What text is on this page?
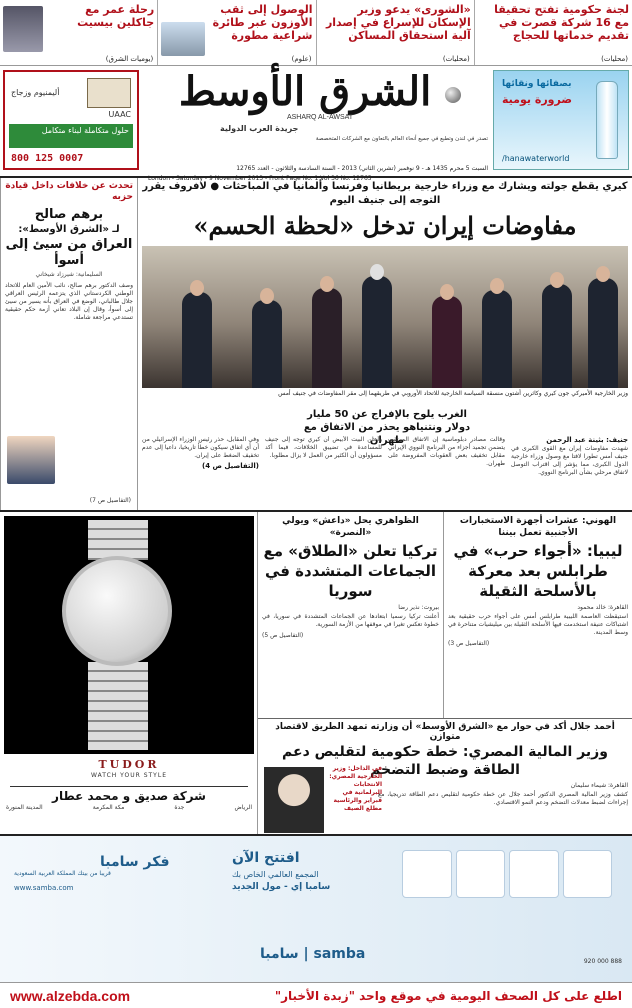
لجنة حكومية تفتح تحقيقا مع 16 شركة قصرت في تقديم خدماتها للحجاج
(محليات)
«الشورى» يدعو وزير الإسكان للإسراع في إصدار آلية استحقاق المساكن
(محليات)
الوصول إلى ثقب الأوزون عبر طائرة شراعية مطورة
(علوم)
رحلة عمر مع جاكلين بيسيت
(يوميات الشرق)
بصفائها ونقائها
ضرورة يومية
/hanawaterworld
الشرق الأوسط
ASHARQ AL-AWSAT
جريدة العرب الدولية
تصدر في لندن وتطبع في جميع أنحاء العالم بالتعاون مع الشركات المتخصصة
السبت 5 محرم 1435 هـ - 9 نوفمبر (تشرين الثاني) 2013 - السنة السادسة والثلاثون - العدد 12765
London - Saturday - 9 November 2013 - Front Page No. 1 Vol 36 No. 12765
UAAC
أليمنيوم وزجاج
حلول متكاملة لبناء متكامل
800 125 0007
كيري يقطع جولته ويشارك مع وزراء خارجية بريطانيا وفرنسا وألمانيا في المباحثات ● لافروف يقرر التوجه إلى جنيف اليوم
مفاوضات إيران تدخل «لحظة الحسم»
وزير الخارجية الأميركي جون كيري وكاثرين أشتون منسقة السياسة الخارجية للاتحاد الأوروبي في طريقهما إلى مقر المفاوضات في جنيف أمس
الغرب يلوح بالإفراج عن 50 مليار دولار ونتنياهو يحذر من الاتفاق مع طهران	جنيف: بثينة عبد الرحمن
شهدت مفاوضات إيران مع القوى الكبرى في جنيف أمس تطورا لافتا مع وصول وزراء خارجية الدول الكبرى، مما يؤشر إلى اقتراب التوصل لاتفاق مرحلي بشأن البرنامج النووي.
وقالت مصادر دبلوماسية إن الاتفاق المرتقب يتضمن تجميد أجزاء من البرنامج النووي الإيراني مقابل تخفيف بعض العقوبات المفروضة على طهران.
وأعلن البيت الأبيض أن كيري توجه إلى جنيف للمساعدة في تضييق الخلافات، فيما أكد مسؤولون أن الكثير من العمل لا يزال مطلوبا.
وفي المقابل، حذر رئيس الوزراء الإسرائيلي من أن أي اتفاق سيكون خطأ تاريخيا، داعيا إلى عدم تخفيف الضغط على إيران.
(التفاصيل ص 4)
تحدث عن خلافات داخل قيادة حزبه
برهم صالح
لـ «الشرق الأوسط»:
العراق من سيئ إلى أسوأ
السليمانية: شيرزاد شيخاني
وصف الدكتور برهم صالح، نائب الأمين العام للاتحاد الوطني الكردستاني الذي يتزعمه الرئيس العراقي جلال طالباني، الوضع في العراق بأنه يسير من سيئ إلى أسوأ، وقال إن البلاد تعاني أزمة حكم حقيقية تستدعي مراجعة شاملة.
(التفاصيل ص 7)
الهوني: عشرات أجهزة الاستخبارات الأجنبية تعمل بيننا
ليبيا: «أجواء حرب» في طرابلس بعد معركة بالأسلحة الثقيلة
القاهرة: خالد محمود
استيقظت العاصمة الليبية طرابلس أمس على أجواء حرب حقيقية بعد اشتباكات عنيفة استخدمت فيها الأسلحة الثقيلة بين ميليشيات متناحرة في وسط المدينة.
(التفاصيل ص 3)
الظواهري يحل «داعش» ويولي «النصرة»
تركيا تعلن «الطلاق» مع الجماعات المتشددة في سوريا
بيروت: نذير رضا
أعلنت تركيا رسميا ابتعادها عن الجماعات المتشددة في سوريا، في خطوة تعكس تغيرا في موقفها من الأزمة السورية.
(التفاصيل ص 5)
أحمد جلال أكد في حوار مع «الشرق الأوسط» أن وزارته تمهد الطريق لاقتصاد متوازن
وزير المالية المصري: خطة حكومية لتقليص دعم الطاقة وضبط التضخم
القاهرة: شيماء سليمان
كشف وزير المالية المصري الدكتور أحمد جلال عن خطة حكومية لتقليص دعم الطاقة تدريجيا، مع إجراءات لضبط معدلات التضخم ودعم النمو الاقتصادي.
في الداخل: وزير الخارجية المصري: الانتخابات البرلمانية في فبراير والرئاسية مطلع الصيف
TUDOR
WATCH YOUR STYLE
شركة صديق و محمد عطار
الرياض
جدة
مكة المكرمة
المدينة المنورة
افتتح الآن
المجمع العالمي الخاص بك
سامبا إي - مول الجديد
فكر سامبا
قريبا من بيتك المملكة العربية السعودية
www.samba.com
samba | سامبا	920 000 888
اطلع على كل الصحف اليومية في موقع واحد "زبدة الأخبار"
www.alzebda.com
